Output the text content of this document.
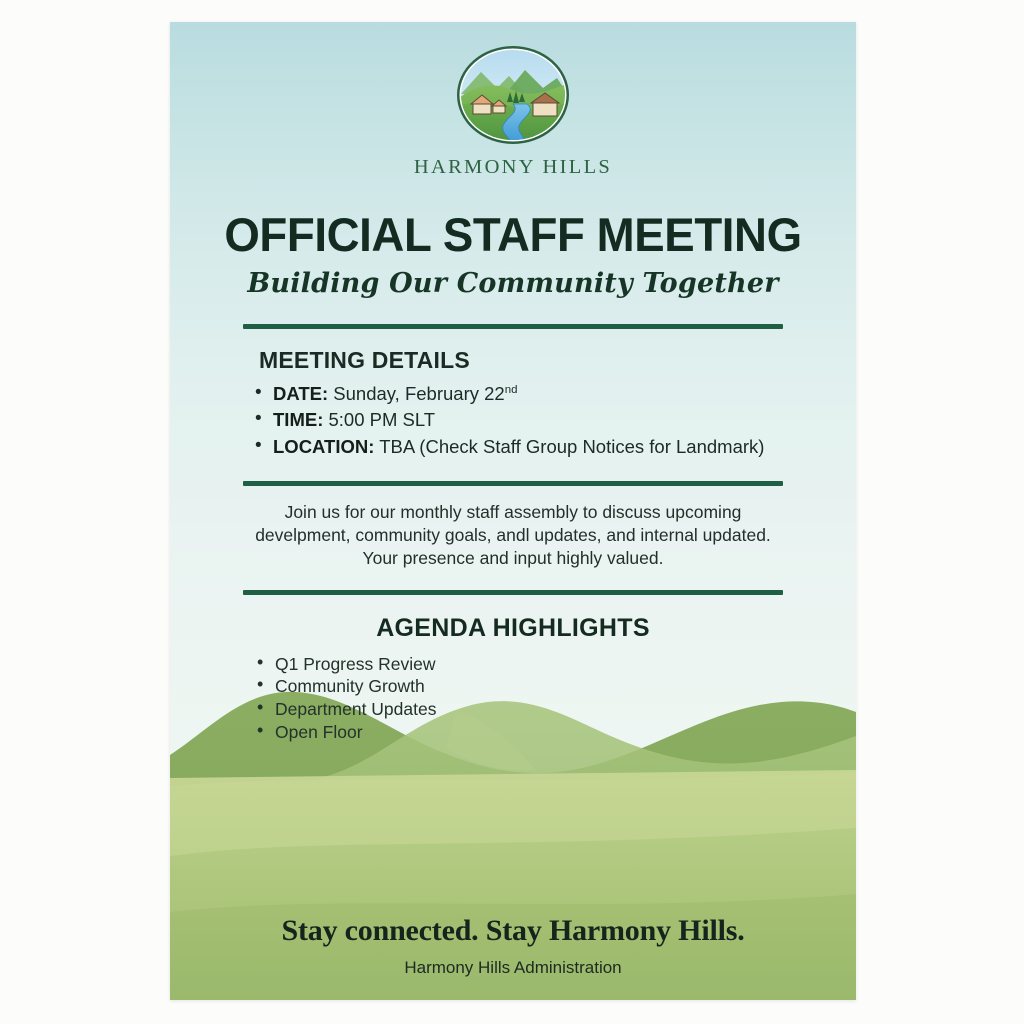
HARMONY HILLS
OFFICIAL STAFF MEETING
Building Our Community Together
MEETING DETAILS
• DATE: Sunday, February 22nd
• TIME: 5:00 PM SLT
• LOCATION: TBA (Check Staff Group Notices for Landmark)
Join us for our monthly staff assembly to discuss upcoming develpment, community goals, andl updates, and internal updated. Your presence and input highly valued.
AGENDA HIGHLIGHTS
• Q1 Progress Review
• Community Growth
• Department Updates
• Open Floor
Stay connected. Stay Harmony Hills.
Harmony Hills Administration
